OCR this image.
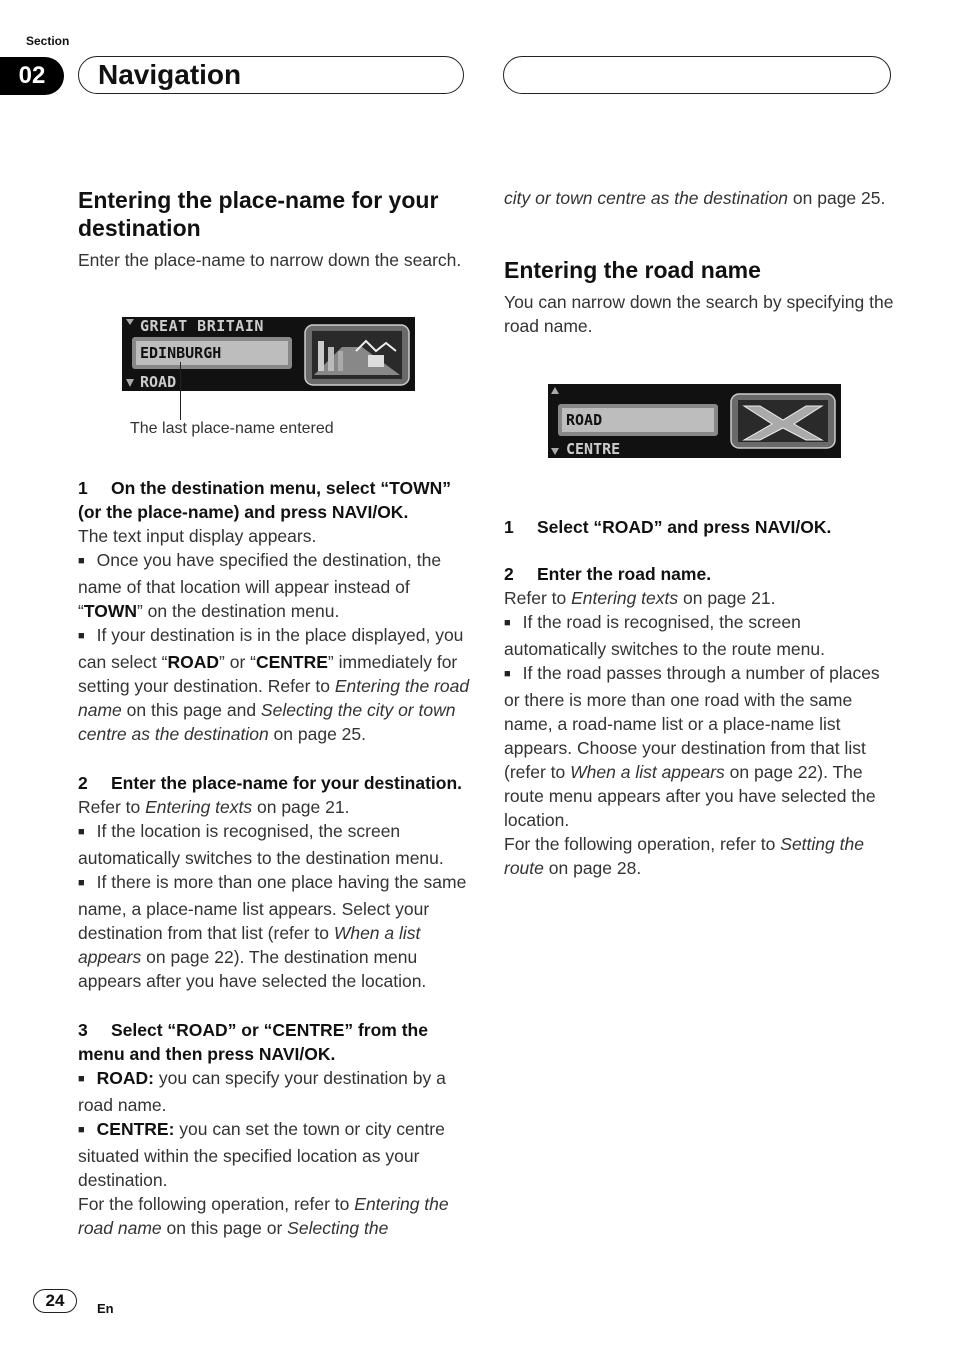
Section
02	Navigation
Entering the place-name for your destination

Enter the place-name to narrow down the search.

GREAT BRITAIN
EDINBURGH
ROAD
The last place-name entered

1 On the destination menu, select “TOWN” (or the place-name) and press NAVI/OK.

The text input display appears.

■ Once you have specified the destination, the name of that location will appear instead of “TOWN” on the destination menu.

■ If your destination is in the place displayed, you can select “ROAD” or “CENTRE” immediately for setting your destination. Refer to Entering the road name on this page and Selecting the city or town centre as the destination on page 25.

2 Enter the place-name for your destination.

Refer to Entering texts on page 21.

■ If the location is recognised, the screen automatically switches to the destination menu.

■ If there is more than one place having the same name, a place-name list appears. Select your destination from that list (refer to When a list appears on page 22). The destination menu appears after you have selected the location.

3 Select “ROAD” or “CENTRE” from the menu and then press NAVI/OK.

■ ROAD: you can specify your destination by a road name.

■ CENTRE: you can set the town or city centre situated within the specified location as your destination.

For the following operation, refer to Entering the road name on this page or Selecting the

city or town centre as the destination on page 25.

Entering the road name

You can narrow down the search by specifying the road name.

ROAD
CENTRE

1 Select “ROAD” and press NAVI/OK.

2 Enter the road name.

Refer to Entering texts on page 21.

■ If the road is recognised, the screen automatically switches to the route menu.

■ If the road passes through a number of places or there is more than one road with the same name, a road-name list or a place-name list appears. Choose your destination from that list (refer to When a list appears on page 22). The route menu appears after you have selected the location.

For the following operation, refer to Setting the route on page 28.

24	En
